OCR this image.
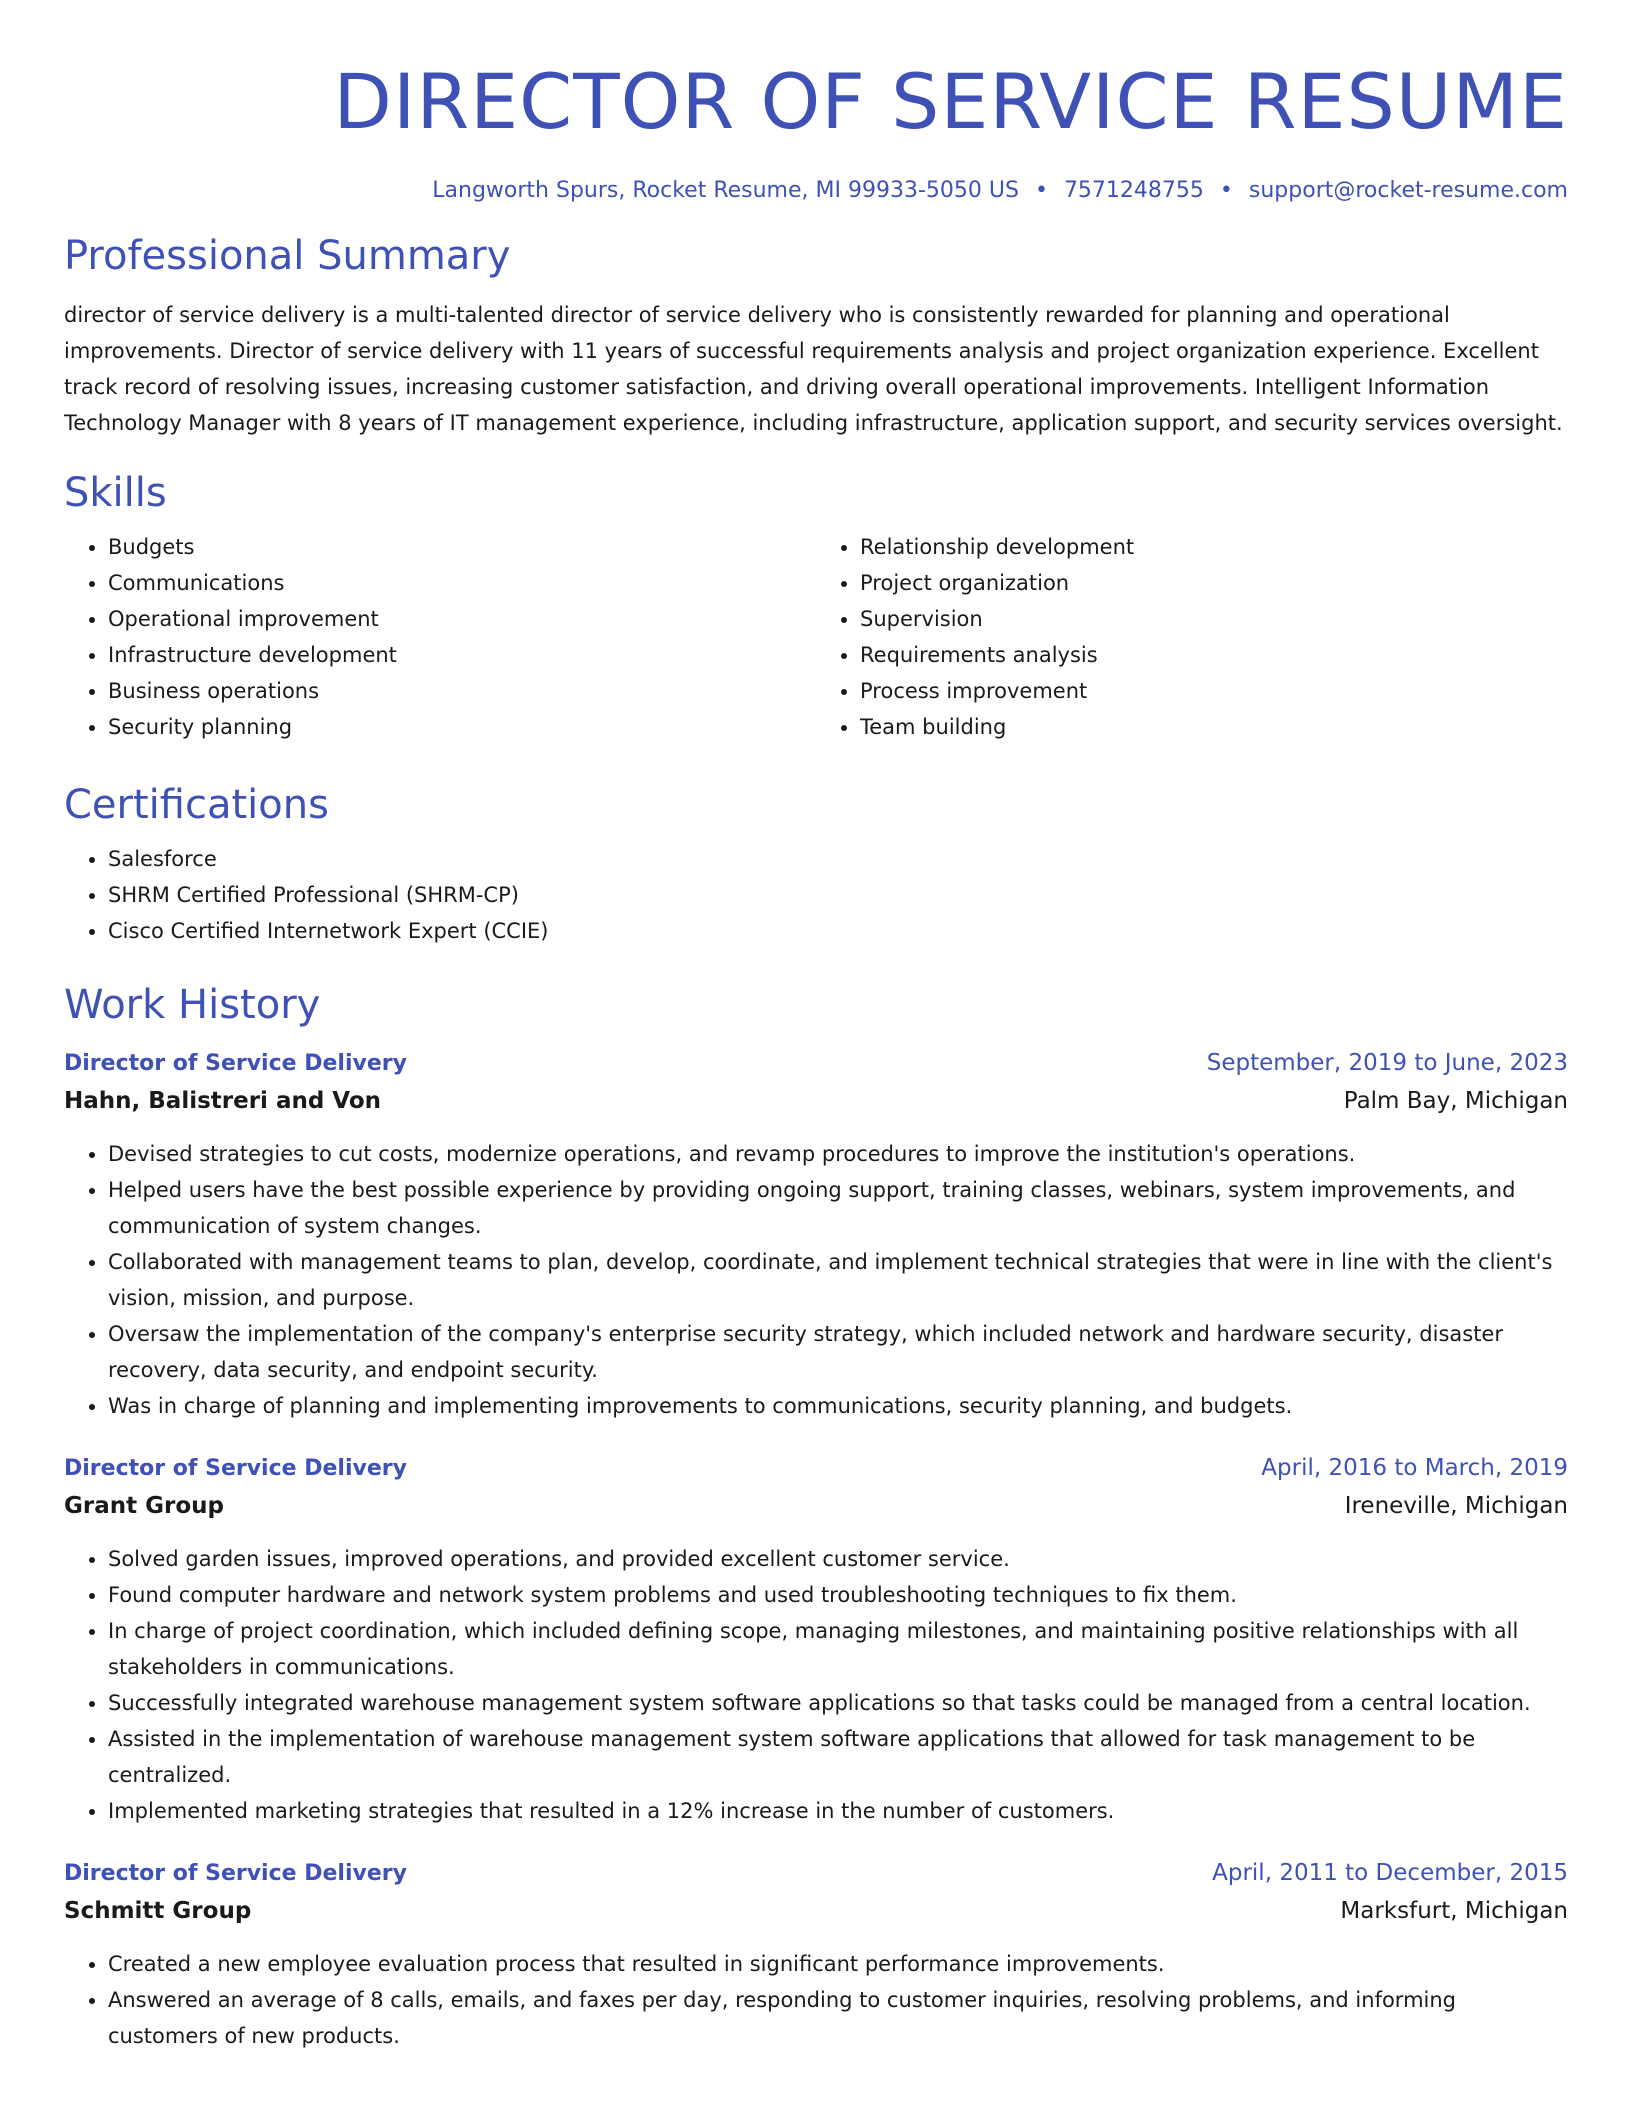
DIRECTOR OF SERVICE RESUME
Langworth Spurs, Rocket Resume, MI 99933-5050 US • 7571248755 • support@rocket-resume.com
Professional Summary

director of service delivery is a multi-talented director of service delivery who is consistently rewarded for planning and operational improvements. Director of service delivery with 11 years of successful requirements analysis and project organization experience. Excellent track record of resolving issues, increasing customer satisfaction, and driving overall operational improvements. Intelligent Information Technology Manager with 8 years of IT management experience, including infrastructure, application support, and security services oversight.

Skills
• Budgets
• Communications
• Operational improvement
• Infrastructure development
• Business operations
• Security planning
• Relationship development
• Project organization
• Supervision
• Requirements analysis
• Process improvement
• Team building
Certifications
• Salesforce
• SHRM Certified Professional (SHRM-CP)
• Cisco Certified Internetwork Expert (CCIE)
Work History
Director of Service Delivery	September, 2019 to June, 2023
Hahn, Balistreri and Von	Palm Bay, Michigan
• Devised strategies to cut costs, modernize operations, and revamp procedures to improve the institution's operations.
• Helped users have the best possible experience by providing ongoing support, training classes, webinars, system improvements, and communication of system changes.
• Collaborated with management teams to plan, develop, coordinate, and implement technical strategies that were in line with the client's vision, mission, and purpose.
• Oversaw the implementation of the company's enterprise security strategy, which included network and hardware security, disaster recovery, data security, and endpoint security.
• Was in charge of planning and implementing improvements to communications, security planning, and budgets.
Director of Service Delivery	April, 2016 to March, 2019
Grant Group	Ireneville, Michigan
• Solved garden issues, improved operations, and provided excellent customer service.
• Found computer hardware and network system problems and used troubleshooting techniques to fix them.
• In charge of project coordination, which included defining scope, managing milestones, and maintaining positive relationships with all stakeholders in communications.
• Successfully integrated warehouse management system software applications so that tasks could be managed from a central location.
• Assisted in the implementation of warehouse management system software applications that allowed for task management to be centralized.
• Implemented marketing strategies that resulted in a 12% increase in the number of customers.
Director of Service Delivery	April, 2011 to December, 2015
Schmitt Group	Marksfurt, Michigan
• Created a new employee evaluation process that resulted in significant performance improvements.
• Answered an average of 8 calls, emails, and faxes per day, responding to customer inquiries, resolving problems, and informing customers of new products.
